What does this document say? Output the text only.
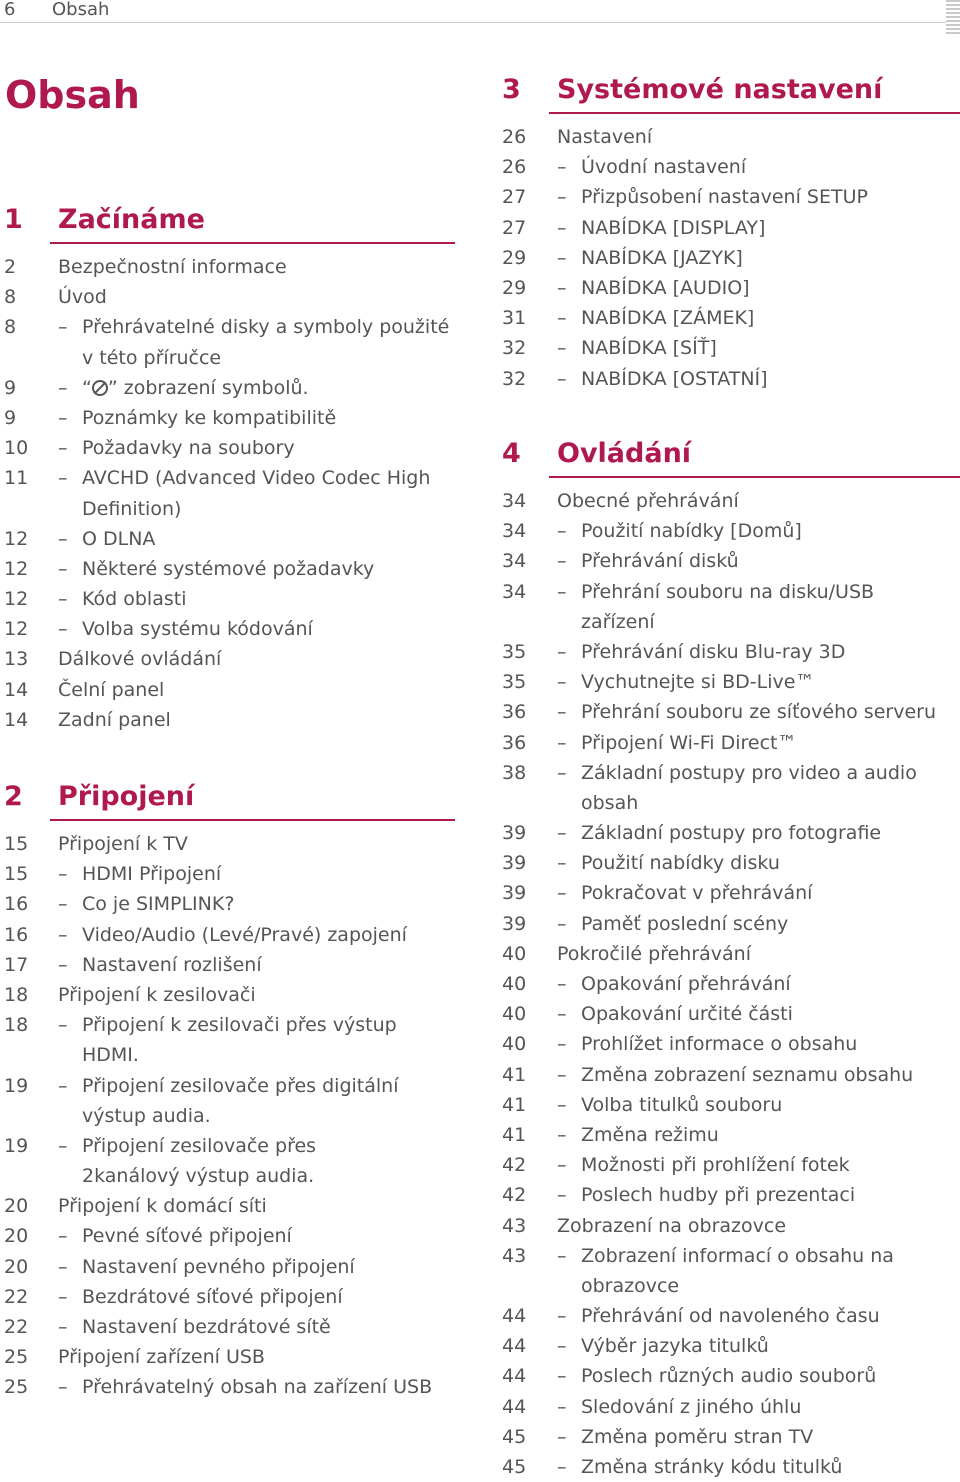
6 Obsah
Obsah
1 Začínáme
2 Bezpečnostní informace
8 Úvod
8 – Přehrávatelné disky a symboly použité
v této příručce
9 – “ ” zobrazení symbolů.
9 – Poznámky ke kompatibilitě
10 – Požadavky na soubory
11 – AVCHD (Advanced Video Codec High
Definition)
12 – O DLNA
12 – Některé systémové požadavky
12 – Kód oblasti
12 – Volba systému kódování
13 Dálkové ovládání
14 Čelní panel
14 Zadní panel
2 Připojení
15 Připojení k TV
15 – HDMI Připojení
16 – Co je SIMPLINK?
16 – Video/Audio (Levé/Pravé) zapojení
17 – Nastavení rozlišení
18 Připojení k zesilovači
18 – Připojení k zesilovači přes výstup
HDMI.
19 – Připojení zesilovače přes digitální
výstup audia.
19 – Připojení zesilovače přes
2kanálový výstup audia.
20 Připojení k domácí síti
20 – Pevné síťové připojení
20 – Nastavení pevného připojení
22 – Bezdrátové síťové připojení
22 – Nastavení bezdrátové sítě
25 Připojení zařízení USB
25 – Přehrávatelný obsah na zařízení USB
3 Systémové nastavení
26 Nastavení
26 – Úvodní nastavení
27 – Přizpůsobení nastavení SETUP
27 – NABÍDKA [DISPLAY]
29 – NABÍDKA [JAZYK]
29 – NABÍDKA [AUDIO]
31 – NABÍDKA [ZÁMEK]
32 – NABÍDKA [SÍŤ]
32 – NABÍDKA [OSTATNÍ]
4 Ovládání
34 Obecné přehrávání
34 – Použití nabídky [Domů]
34 – Přehrávání disků
34 – Přehrání souboru na disku/USB
zařízení
35 – Přehrávání disku Blu-ray 3D
35 – Vychutnejte si BD-Live™
36 – Přehrání souboru ze síťového serveru
36 – Připojení Wi-Fi Direct™
38 – Základní postupy pro video a audio
obsah
39 – Základní postupy pro fotografie
39 – Použití nabídky disku
39 – Pokračovat v přehrávání
39 – Paměť poslední scény
40 Pokročilé přehrávání
40 – Opakování přehrávání
40 – Opakování určité části
40 – Prohlížet informace o obsahu
41 – Změna zobrazení seznamu obsahu
41 – Volba titulků souboru
41 – Změna režimu
42 – Možnosti při prohlížení fotek
42 – Poslech hudby při prezentaci
43 Zobrazení na obrazovce
43 – Zobrazení informací o obsahu na
obrazovce
44 – Přehrávání od navoleného času
44 – Výběr jazyka titulků
44 – Poslech různých audio souborů
44 – Sledování z jiného úhlu
45 – Změna poměru stran TV
45 – Změna stránky kódu titulků
